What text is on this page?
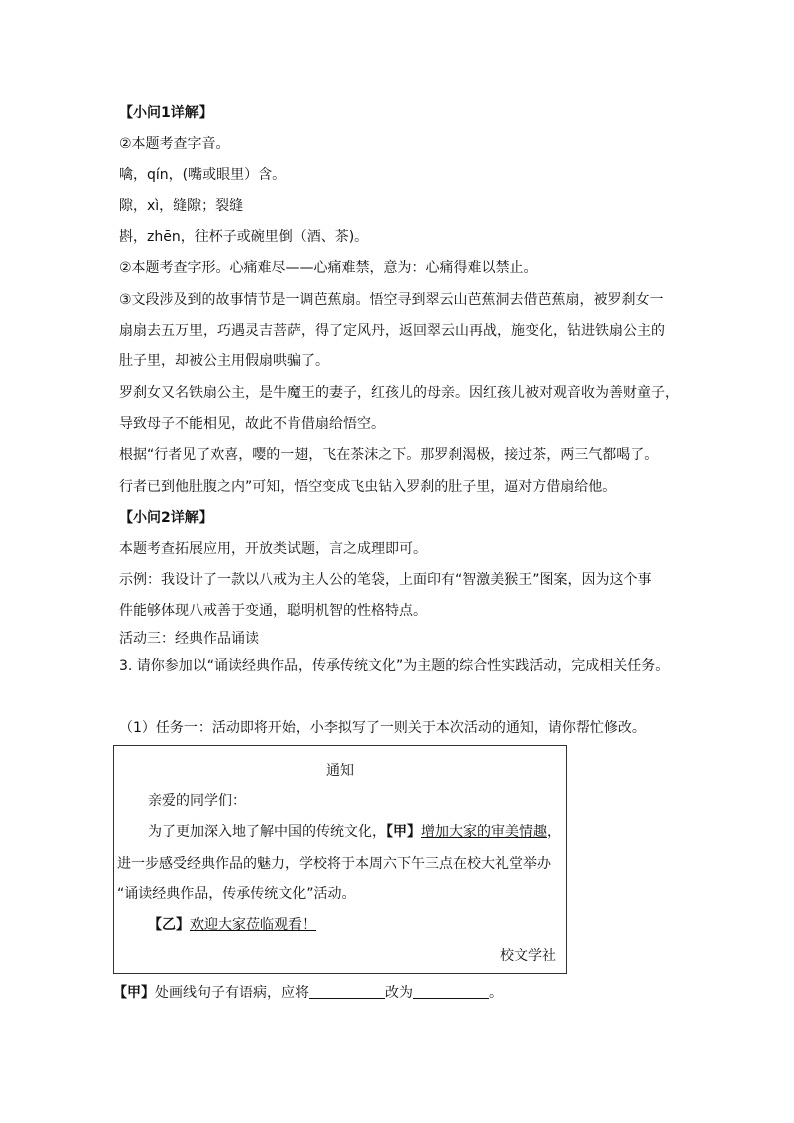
【小问1详解】
②本题考查字音。
噙，qín，(嘴或眼里）含。
隙，xì，缝隙；裂缝
斟，zhēn，往杯子或碗里倒（酒、茶)。
②本题考查字形。心痛难尽——心痛难禁，意为：心痛得难以禁止。
③文段涉及到的故事情节是一调芭蕉扇。悟空寻到翠云山芭蕉洞去借芭蕉扇，被罗刹女一
扇扇去五万里，巧遇灵吉菩萨，得了定风丹，返回翠云山再战，施变化，钻进铁扇公主的
肚子里，却被公主用假扇哄骗了。
罗刹女又名铁扇公主，是牛魔王的妻子，红孩儿的母亲。因红孩儿被对观音收为善财童子，
导致母子不能相见，故此不肯借扇给悟空。
根据“行者见了欢喜，嘤的一翅，飞在茶沫之下。那罗刹渴极，接过茶，两三气都喝了。
行者已到他肚腹之内”可知，悟空变成飞虫钻入罗刹的肚子里，逼对方借扇给他。
【小问2详解】
本题考查拓展应用，开放类试题，言之成理即可。
示例：我设计了一款以八戒为主人公的笔袋，上面印有“智激美猴王”图案，因为这个事
件能够体现八戒善于变通，聪明机智的性格特点。
活动三：经典作品诵读
3. 请你参加以“诵读经典作品，传承传统文化”为主题的综合性实践活动，完成相关任务。
（1）任务一：活动即将开始，小李拟写了一则关于本次活动的通知，请你帮忙修改。
通知
亲爱的同学们：
为了更加深入地了解中国的传统文化，【甲】增加大家的审美情趣，
进一步感受经典作品的魅力，学校将于本周六下午三点在校大礼堂举办
“诵读经典作品，传承传统文化”活动。
【乙】欢迎大家莅临观看！
校文学社
【甲】处画线句子有语病，应将	改为	。
